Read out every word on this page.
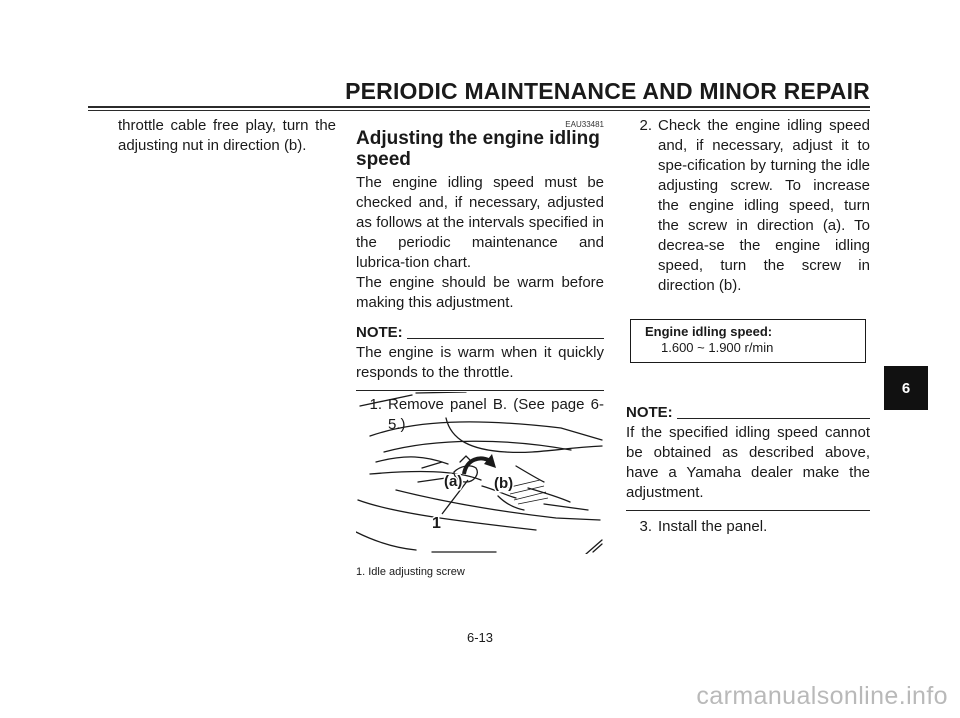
PERIODIC MAINTENANCE AND MINOR REPAIR

throttle cable free play, turn the adjusting nut in direction (b).

EAU33481
Adjusting the engine idling speed

The engine idling speed must be checked and, if necessary, adjusted as follows at the intervals specified in the periodic maintenance and lubrica-tion chart.

The engine should be warm before making this adjustment.

NOTE:

The engine is warm when it quickly responds to the throttle.

1. Remove panel B. (See page 6-5.)
(a) (b)
1
1. Idle adjusting screw
2. Check the engine idling speed and, if necessary, adjust it to spe-cification by turning the idle adjusting screw. To increase the engine idling speed, turn the screw in direction (a). To decrea-se the engine idling speed, turn the screw in direction (b).
Engine idling speed:
1.600 ~ 1.900 r/min
NOTE:

If the specified idling speed cannot be obtained as described above, have a Yamaha dealer make the adjustment.

3. Install the panel.
6
6-13
carmanualsonline.info
